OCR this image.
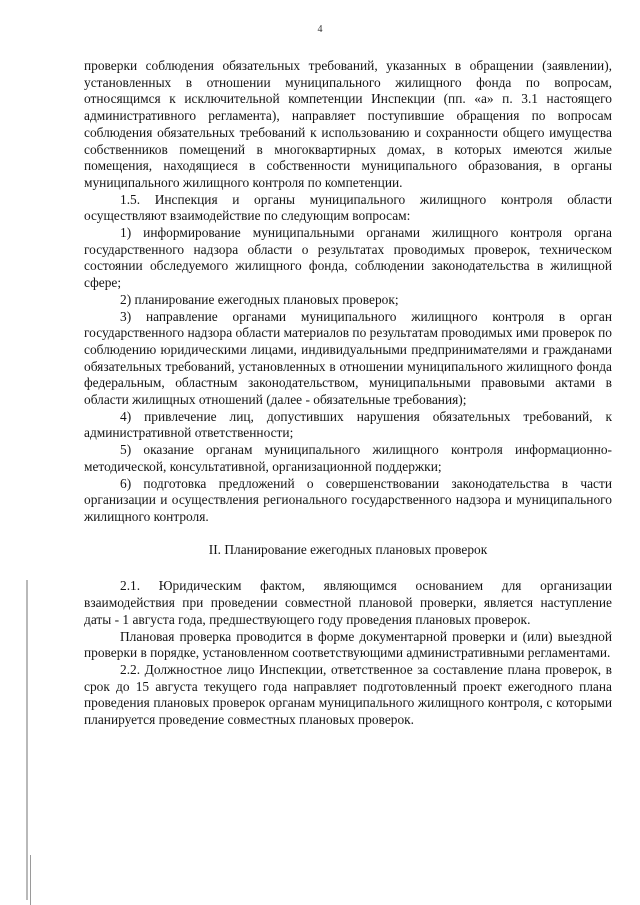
4

проверки соблюдения обязательных требований, указанных в обращении (заявлении), установленных в отношении муниципального жилищного фонда по вопросам, относящимся к исключительной компетенции Инспекции (пп. «а» п. 3.1 настоящего административного регламента), направляет поступившие обращения по вопросам соблюдения обязательных требований к использованию и сохранности общего имущества собственников помещений в многоквартирных домах, в которых имеются жилые помещения, находящиеся в собственности муниципального образования, в органы муниципального жилищного контроля по компетенции.

1.5. Инспекция и органы муниципального жилищного контроля области осуществляют взаимодействие по следующим вопросам:

1) информирование муниципальными органами жилищного контроля органа государственного надзора области о результатах проводимых проверок, техническом состоянии обследуемого жилищного фонда, соблюдении законодательства в жилищной сфере;

2) планирование ежегодных плановых проверок;

3) направление органами муниципального жилищного контроля в орган государственного надзора области материалов по результатам проводимых ими проверок по соблюдению юридическими лицами, индивидуальными предпринимателями и гражданами обязательных требований, установленных в отношении муниципального жилищного фонда федеральным, областным законодательством, муниципальными правовыми актами в области жилищных отношений (далее - обязательные требования);

4) привлечение лиц, допустивших нарушения обязательных требований, к административной ответственности;

5) оказание органам муниципального жилищного контроля информационно-методической, консультативной, организационной поддержки;

6) подготовка предложений о совершенствовании законодательства в части организации и осуществления регионального государственного надзора и муниципального жилищного контроля.

II. Планирование ежегодных плановых проверок

2.1. Юридическим фактом, являющимся основанием для организации взаимодействия при проведении совместной плановой проверки, является наступление даты - 1 августа года, предшествующего году проведения плановых проверок.

Плановая проверка проводится в форме документарной проверки и (или) выездной проверки в порядке, установленном соответствующими административными регламентами.

2.2. Должностное лицо Инспекции, ответственное за составление плана проверок, в срок до 15 августа текущего года направляет подготовленный проект ежегодного плана проведения плановых проверок органам муниципального жилищного контроля, с которыми планируется проведение совместных плановых проверок.
